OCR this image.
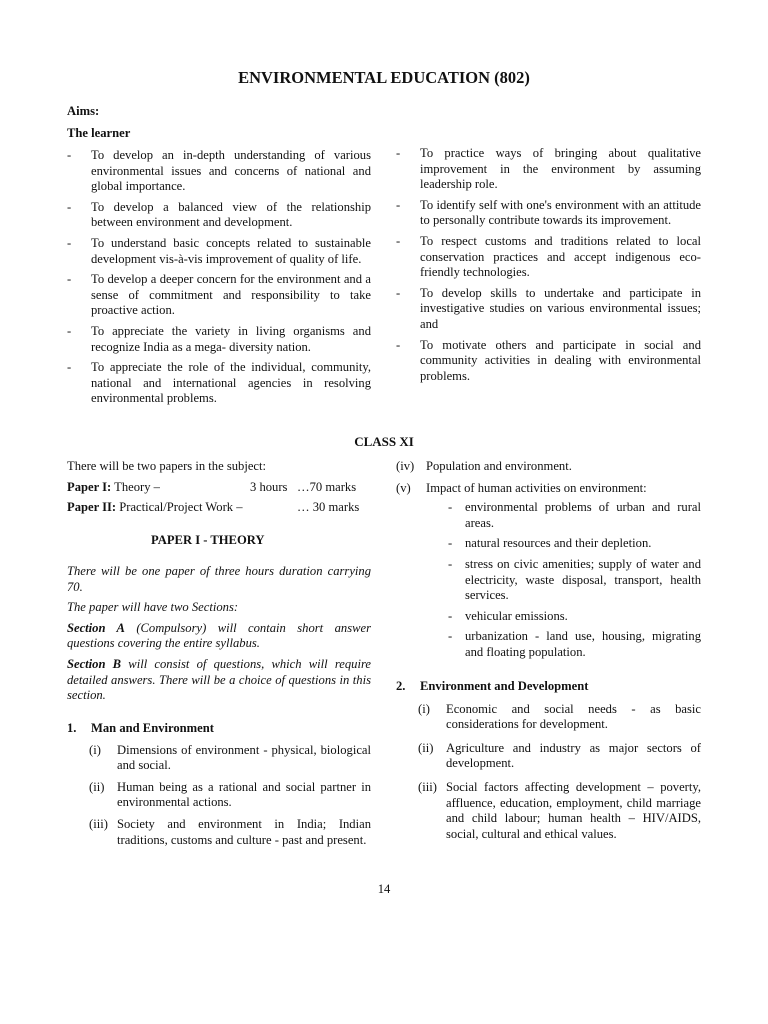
ENVIRONMENTAL EDUCATION (802)
Aims:
The learner
- To develop an in-depth understanding of various environmental issues and concerns of national and global importance.
- To develop a balanced view of the relationship between environment and development.
- To understand basic concepts related to sustainable development vis-à-vis improvement of quality of life.
- To develop a deeper concern for the environment and a sense of commitment and responsibility to take proactive action.
- To appreciate the variety in living organisms and recognize India as a mega- diversity nation.
- To appreciate the role of the individual, community, national and international agencies in resolving environmental problems.
- To practice ways of bringing about qualitative improvement in the environment by assuming leadership role.
- To identify self with one's environment with an attitude to personally contribute towards its improvement.
- To respect customs and traditions related to local conservation practices and accept indigenous eco-friendly technologies.
- To develop skills to undertake and participate in investigative studies on various environmental issues; and
- To motivate others and participate in social and community activities in dealing with environmental problems.
CLASS XI

There will be two papers in the subject:

Paper I: Theory –	3 hours …70 marks
Paper II: Practical/Project Work –	… 30 marks
PAPER I - THEORY

There will be one paper of three hours duration carrying 70.

The paper will have two Sections:

Section A (Compulsory) will contain short answer questions covering the entire syllabus.

Section B will consist of questions, which will require detailed answers. There will be a choice of questions in this section.

1. Man and Environment
(i) Dimensions of environment - physical, biological and social.
(ii) Human being as a rational and social partner in environmental actions.
(iii) Society and environment in India; Indian traditions, customs and culture - past and present.
(iv) Population and environment.
(v) Impact of human activities on environment:
- environmental problems of urban and rural areas.
- natural resources and their depletion.
- stress on civic amenities; supply of water and electricity, waste disposal, transport, health services.
- vehicular emissions.
- urbanization - land use, housing, migrating and floating population.
2. Environment and Development
(i) Economic and social needs - as basic considerations for development.
(ii) Agriculture and industry as major sectors of development.
(iii) Social factors affecting development – poverty, affluence, education, employment, child marriage and child labour; human health – HIV/AIDS, social, cultural and ethical values.
14
